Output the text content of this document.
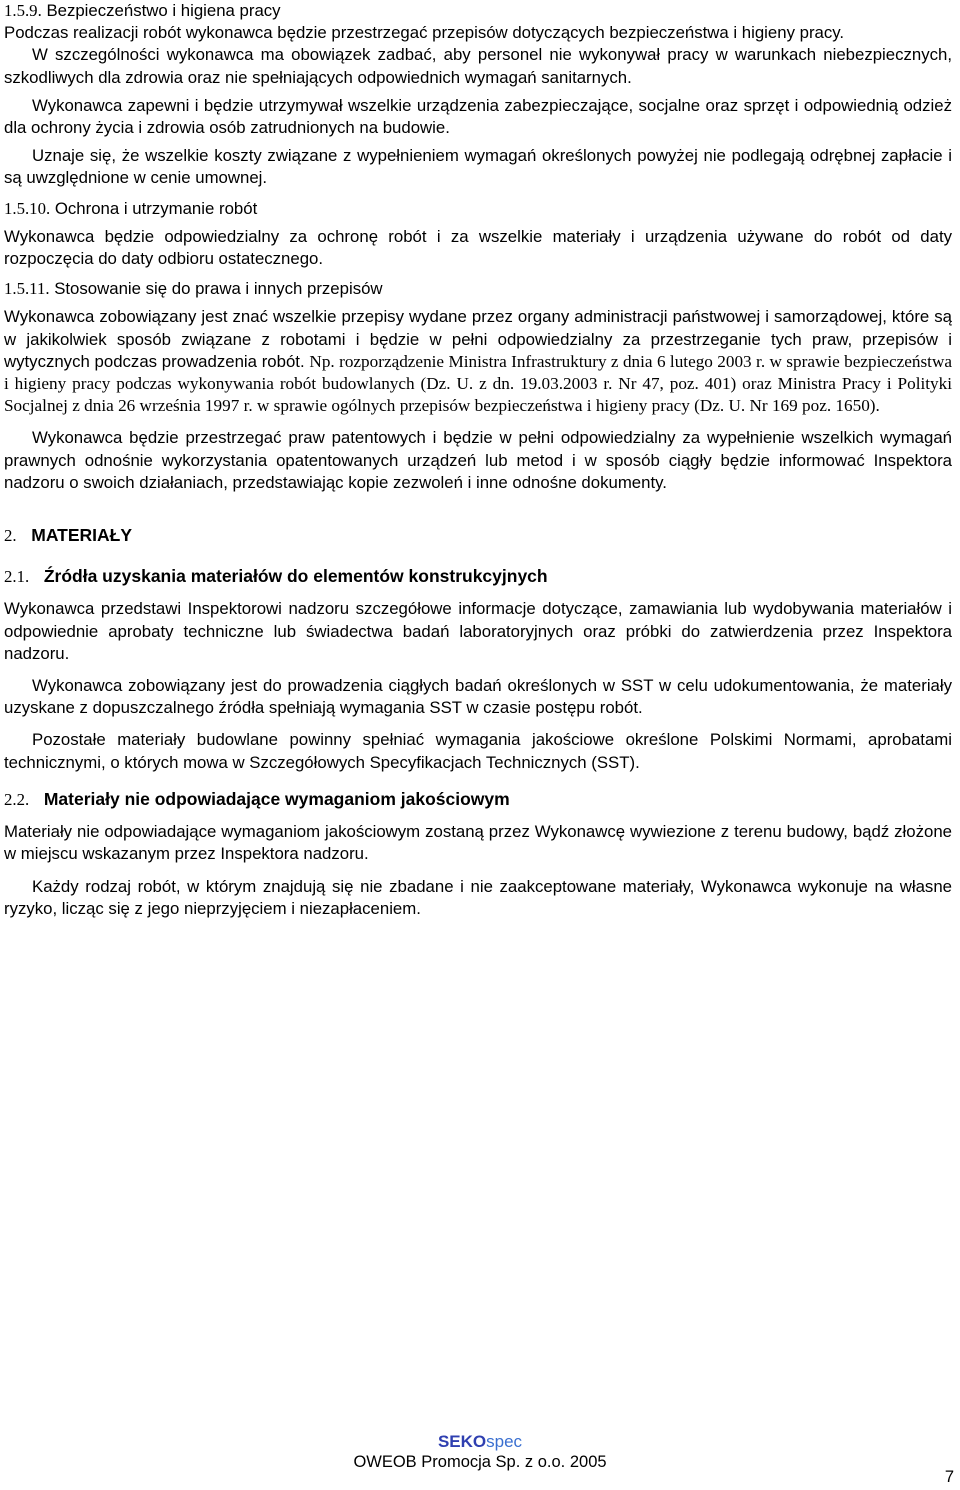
1.5.9. Bezpieczeństwo i higiena pracy

Podczas realizacji robót wykonawca będzie przestrzegać przepisów dotyczących bezpieczeństwa i higieny pracy.

W szczególności wykonawca ma obowiązek zadbać, aby personel nie wykonywał pracy w warunkach niebezpiecznych, szkodliwych dla zdrowia oraz nie spełniających odpowiednich wymagań sanitarnych.

Wykonawca zapewni i będzie utrzymywał wszelkie urządzenia zabezpieczające, socjalne oraz sprzęt i odpowiednią odzież dla ochrony życia i zdrowia osób zatrudnionych na budowie.

Uznaje się, że wszelkie koszty związane z wypełnieniem wymagań określonych powyżej nie podlegają odrębnej zapłacie i są uwzględnione w cenie umownej.

1.5.10. Ochrona i utrzymanie robót

Wykonawca będzie odpowiedzialny za ochronę robót i za wszelkie materiały i urządzenia używane do robót od daty rozpoczęcia do daty odbioru ostatecznego.

1.5.11. Stosowanie się do prawa i innych przepisów

Wykonawca zobowiązany jest znać wszelkie przepisy wydane przez organy administracji państwowej i samorządowej, które są w jakikolwiek sposób związane z robotami i będzie w pełni odpowiedzialny za przestrzeganie tych praw, przepisów i wytycznych podczas prowadzenia robót. Np. rozporządzenie Ministra Infrastruktury z dnia 6 lutego 2003 r. w sprawie bezpieczeństwa i higieny pracy podczas wykonywania robót budowlanych (Dz. U. z dn. 19.03.2003 r. Nr 47, poz. 401) oraz Ministra Pracy i Polityki Socjalnej z dnia 26 września 1997 r. w sprawie ogólnych przepisów bezpieczeństwa i higieny pracy (Dz. U. Nr 169 poz. 1650).

Wykonawca będzie przestrzegać praw patentowych i będzie w pełni odpowiedzialny za wypełnienie wszelkich wymagań prawnych odnośnie wykorzystania opatentowanych urządzeń lub metod i w sposób ciągły będzie informować Inspektora nadzoru o swoich działaniach, przedstawiając kopie zezwoleń i inne odnośne dokumenty.

2. MATERIAŁY

2.1. Źródła uzyskania materiałów do elementów konstrukcyjnych

Wykonawca przedstawi Inspektorowi nadzoru szczegółowe informacje dotyczące, zamawiania lub wydobywania materiałów i odpowiednie aprobaty techniczne lub świadectwa badań laboratoryjnych oraz próbki do zatwierdzenia przez Inspektora nadzoru.

Wykonawca zobowiązany jest do prowadzenia ciągłych badań określonych w SST w celu udokumentowania, że materiały uzyskane z dopuszczalnego źródła spełniają wymagania SST w czasie postępu robót.

Pozostałe materiały budowlane powinny spełniać wymagania jakościowe określone Polskimi Normami, aprobatami technicznymi, o których mowa w Szczegółowych Specyfikacjach Technicznych (SST).

2.2. Materiały nie odpowiadające wymaganiom jakościowym

Materiały nie odpowiadające wymaganiom jakościowym zostaną przez Wykonawcę wywiezione z terenu budowy, bądź złożone w miejscu wskazanym przez Inspektora nadzoru.

Każdy rodzaj robót, w którym znajdują się nie zbadane i nie zaakceptowane materiały, Wykonawca wykonuje na własne ryzyko, licząc się z jego nieprzyjęciem i niezapłaceniem.

SEKOspec
OWEOB Promocja Sp. z o.o. 2005
7
